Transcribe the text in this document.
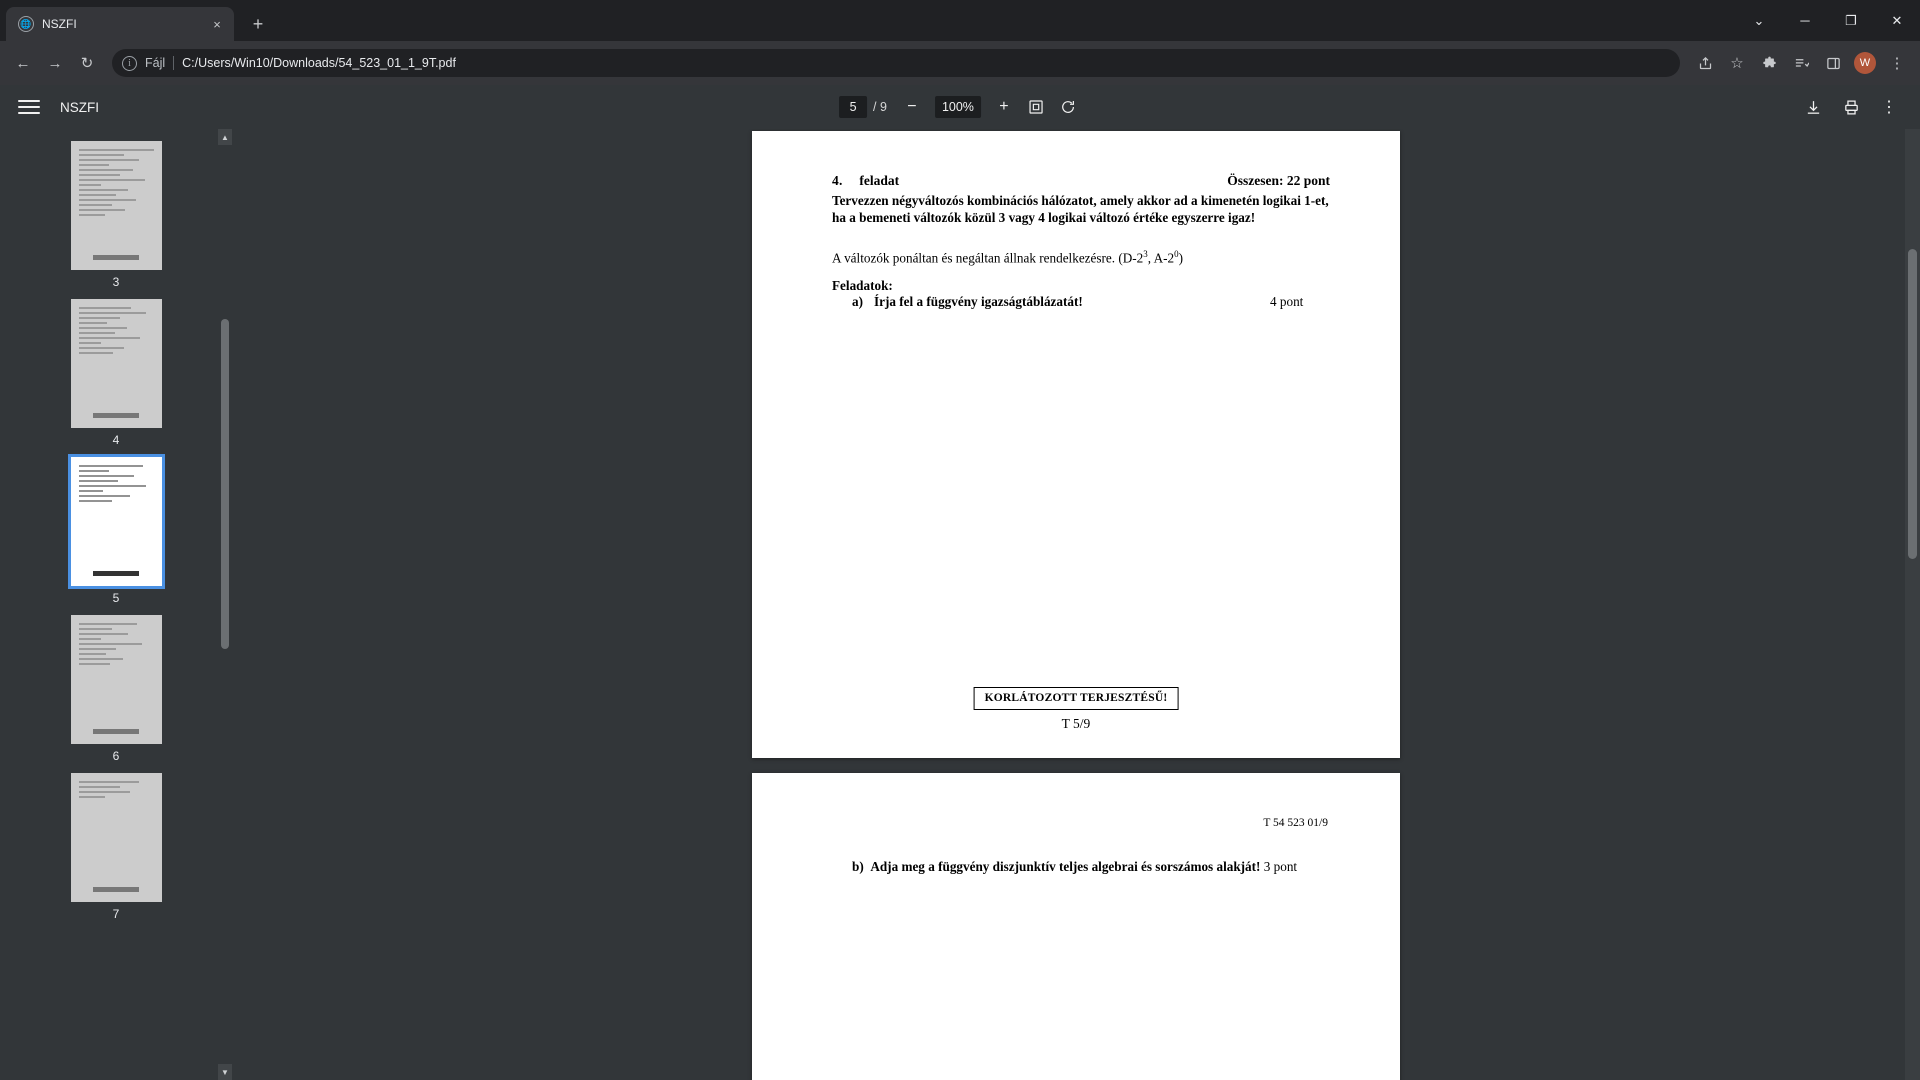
🌐 NSZFI	×	+	⌄	─	❐	✕
←	→	↻	i	Fájl C:/Users/Win10/Downloads/54_523_01_1_9T.pdf	☆	W	⋮
NSZFI
5	/ 9	−	100%	+	⋮
3
4
5
6
7
▲
▼
4. feladat	Összesen: 22 pont
Tervezzen négyváltozós kombinációs hálózatot, amely akkor ad a kimenetén logikai 1-et,
ha a bemeneti változók közül 3 vagy 4 logikai változó értéke egyszerre igaz!
A változók ponáltan és negáltan állnak rendelkezésre. ($D-2^3$, $A-2^0$)
Feladatok:
a) Írja fel a függvény igazságtáblázatát!	4 pont
KORLÁTOZOTT TERJESZTÉSŰ!
T 5/9
T 54 523 01/9
b) Adja meg a függvény diszjunktív teljes algebrai és sorszámos alakját! 3 pont
